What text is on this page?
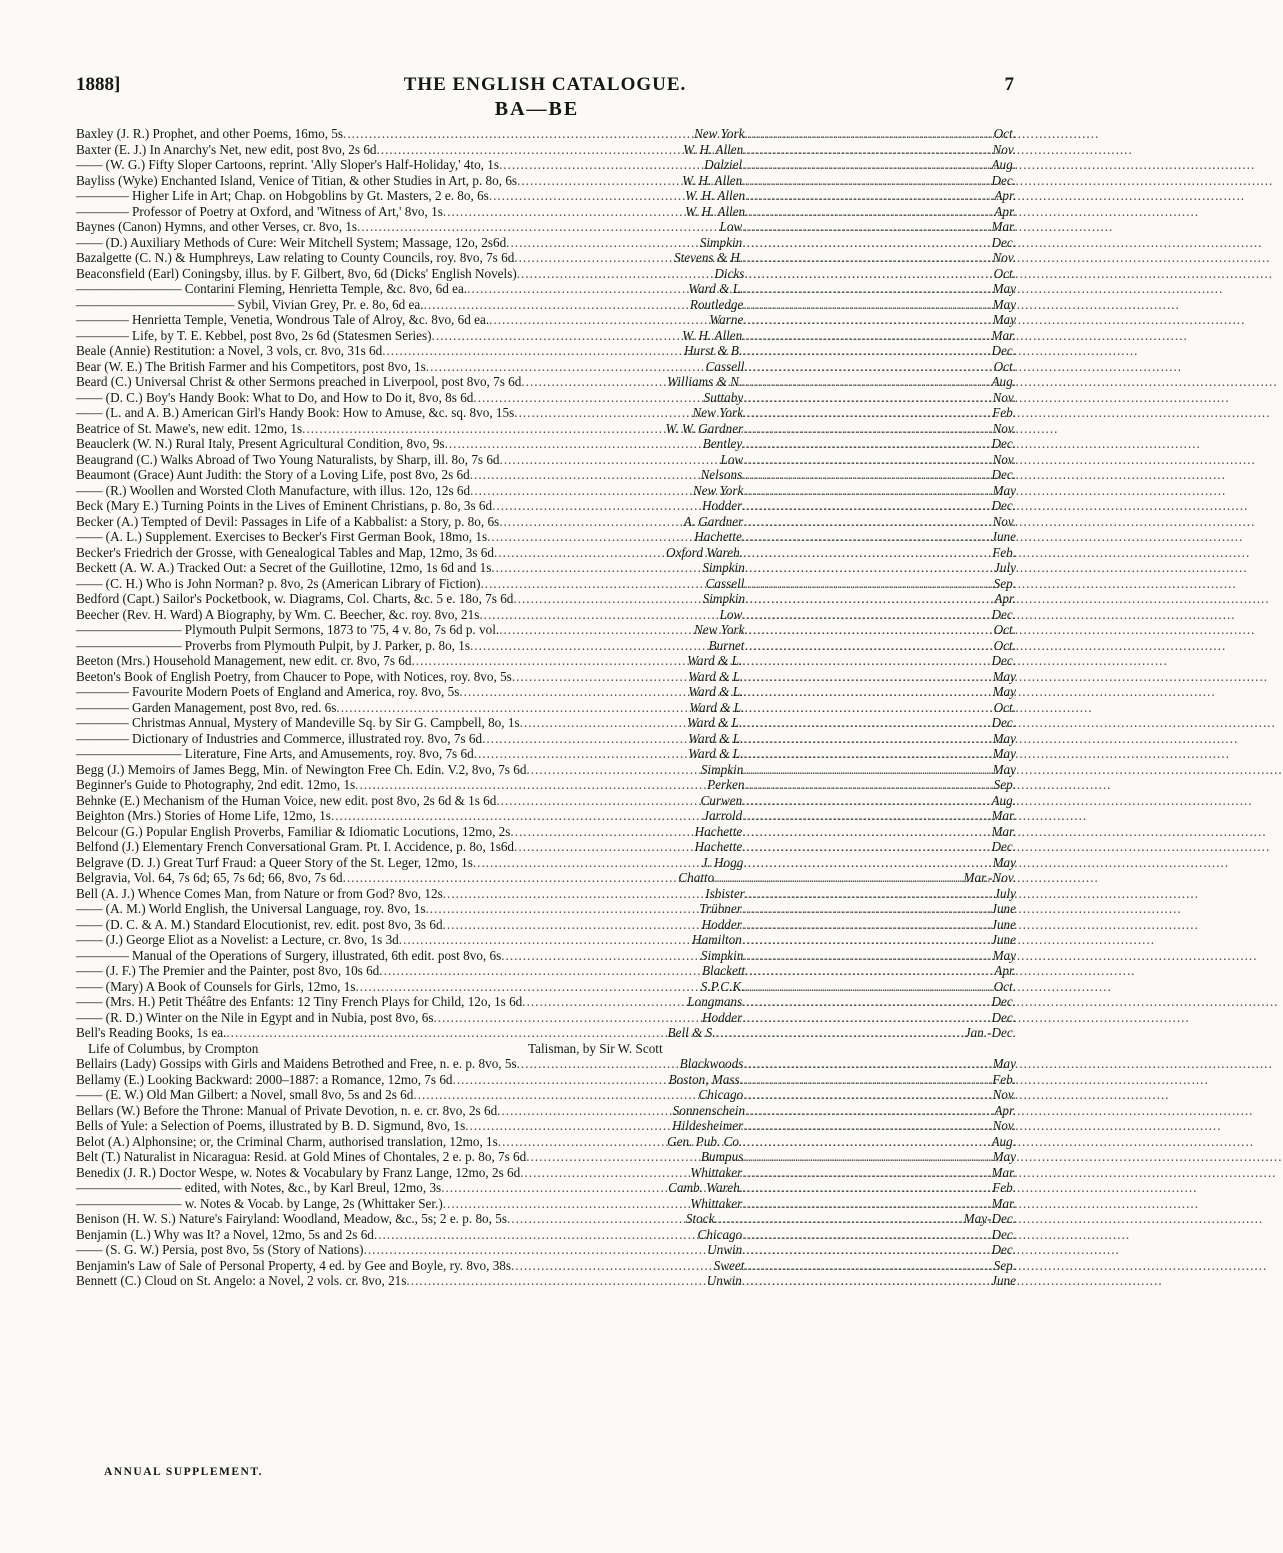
1888]	THE ENGLISH CATALOGUE.	7
BA—BE
Baxley (J. R.) Prophet, and other Poems, 16mo, 5s .....	New York .....	Oct.
Baxter (E. J.) In Anarchy's Net, new edit, post 8vo, 2s 6d .....	W. H. Allen .....	Nov.
—— (W. G.) Fifty Sloper Cartoons, reprint. 'Ally Sloper's Half-Holiday,' 4to, 1s .....	Dalziel .....	Aug.
Bayliss (Wyke) Enchanted Island, Venice of Titian, & other Studies in Art, p. 8o, 6s .....	W. H. Allen .....	Dec.
———— Higher Life in Art; Chap. on Hobgoblins by Gt. Masters, 2 e. 8o, 6s .....	W. H. Allen .....	Apr.
———— Professor of Poetry at Oxford, and 'Witness of Art,' 8vo, 1s .....	W. H. Allen .....	Apr.
Baynes (Canon) Hymns, and other Verses, cr. 8vo, 1s .....	Low .....	Mar.
—— (D.) Auxiliary Methods of Cure: Weir Mitchell System; Massage, 12o, 2s6d .....	Simpkin .....	Dec.
Bazalgette (C. N.) & Humphreys, Law relating to County Councils, roy. 8vo, 7s 6d .....	Stevens & H. .....	Nov.
Beaconsfield (Earl) Coningsby, illus. by F. Gilbert, 8vo, 6d (Dicks' English Novels) .....	Dicks .....	Oct.
———————— Contarini Fleming, Henrietta Temple, &c. 8vo, 6d ea. .....	Ward & L. .....	May
———————————— Sybil, Vivian Grey, Pr. e. 8o, 6d ea. .....	Routledge .....	May
———— Henrietta Temple, Venetia, Wondrous Tale of Alroy, &c. 8vo, 6d ea. .....	Warne .....	May
———— Life, by T. E. Kebbel, post 8vo, 2s 6d (Statesmen Series) .....	W. H. Allen .....	Mar.
Beale (Annie) Restitution: a Novel, 3 vols, cr. 8vo, 31s 6d .....	Hurst & B. .....	Dec.
Bear (W. E.) The British Farmer and his Competitors, post 8vo, 1s .....	Cassell .....	Oct.
Beard (C.) Universal Christ & other Sermons preached in Liverpool, post 8vo, 7s 6d .....	Williams & N. .....	Aug.
—— (D. C.) Boy's Handy Book: What to Do, and How to Do it, 8vo, 8s 6d .....	Suttaby .....	Nov.
—— (L. and A. B.) American Girl's Handy Book: How to Amuse, &c. sq. 8vo, 15s .....	New York .....	Feb.
Beatrice of St. Mawe's, new edit. 12mo, 1s .....	W. W. Gardner .....	Nov.
Beauclerk (W. N.) Rural Italy, Present Agricultural Condition, 8vo, 9s .....	Bentley .....	Dec.
Beaugrand (C.) Walks Abroad of Two Young Naturalists, by Sharp, ill. 8o, 7s 6d .....	Low .....	Nov.
Beaumont (Grace) Aunt Judith: the Story of a Loving Life, post 8vo, 2s 6d .....	Nelsons .....	Dec.
—— (R.) Woollen and Worsted Cloth Manufacture, with illus. 12o, 12s 6d .....	New York .....	May
Beck (Mary E.) Turning Points in the Lives of Eminent Christians, p. 8o, 3s 6d .....	Hodder .....	Dec.
Becker (A.) Tempted of Devil: Passages in Life of a Kabbalist: a Story, p. 8o, 6s .....	A. Gardner .....	Nov.
—— (A. L.) Supplement. Exercises to Becker's First German Book, 18mo, 1s .....	Hachette .....	June
Becker's Friedrich der Grosse, with Genealogical Tables and Map, 12mo, 3s 6d .....	Oxford Wareh. .....	Feb.
Beckett (A. W. A.) Tracked Out: a Secret of the Guillotine, 12mo, 1s 6d and 1s .....	Simpkin .....	July
—— (C. H.) Who is John Norman? p. 8vo, 2s (American Library of Fiction) .....	Cassell .....	Sep.
Bedford (Capt.) Sailor's Pocketbook, w. Diagrams, Col. Charts, &c. 5 e. 18o, 7s 6d .....	Simpkin .....	Apr.
Beecher (Rev. H. Ward) A Biography, by Wm. C. Beecher, &c. roy. 8vo, 21s .....	Low .....	Dec.
———————— Plymouth Pulpit Sermons, 1873 to '75, 4 v. 8o, 7s 6d p. vol. .....	New York .....	Oct.
———————— Proverbs from Plymouth Pulpit, by J. Parker, p. 8o, 1s .....	Burnet .....	Oct.
Beeton (Mrs.) Household Management, new edit. cr. 8vo, 7s 6d .....	Ward & L. .....	Dec.
Beeton's Book of English Poetry, from Chaucer to Pope, with Notices, roy. 8vo, 5s .....	Ward & L. .....	May
———— Favourite Modern Poets of England and America, roy. 8vo, 5s .....	Ward & L. .....	May
———— Garden Management, post 8vo, red. 6s .....	Ward & L. .....	Oct.
———— Christmas Annual, Mystery of Mandeville Sq. by Sir G. Campbell, 8o, 1s .....	Ward & L. .....	Dec.
———— Dictionary of Industries and Commerce, illustrated roy. 8vo, 7s 6d .....	Ward & L. .....	May
———————— Literature, Fine Arts, and Amusements, roy. 8vo, 7s 6d .....	Ward & L. .....	May
Begg (J.) Memoirs of James Begg, Min. of Newington Free Ch. Edin. V.2, 8vo, 7s 6d .....	Simpkin .....	May
Beginner's Guide to Photography, 2nd edit. 12mo, 1s .....	Perken .....	Sep.
Behnke (E.) Mechanism of the Human Voice, new edit. post 8vo, 2s 6d & 1s 6d .....	Curwen .....	Aug.
Beighton (Mrs.) Stories of Home Life, 12mo, 1s .....	Jarrold .....	Mar.
Belcour (G.) Popular English Proverbs, Familiar & Idiomatic Locutions, 12mo, 2s .....	Hachette .....	Mar.
Belfond (J.) Elementary French Conversational Gram. Pt. I. Accidence, p. 8o, 1s6d .....	Hachette .....	Dec.
Belgrave (D. J.) Great Turf Fraud: a Queer Story of the St. Leger, 12mo, 1s .....	J. Hogg .....	May
Belgravia, Vol. 64, 7s 6d; 65, 7s 6d; 66, 8vo, 7s 6d .....	Chatto .....	Mar.-Nov.
Bell (A. J.) Whence Comes Man, from Nature or from God? 8vo, 12s .....	Isbister .....	July
—— (A. M.) World English, the Universal Language, roy. 8vo, 1s .....	Trübner .....	June
—— (D. C. & A. M.) Standard Elocutionist, rev. edit. post 8vo, 3s 6d .....	Hodder .....	June
—— (J.) George Eliot as a Novelist: a Lecture, cr. 8vo, 1s 3d .....	Hamilton .....	June
———— Manual of the Operations of Surgery, illustrated, 6th edit. post 8vo, 6s .....	Simpkin .....	May
—— (J. F.) The Premier and the Painter, post 8vo, 10s 6d .....	Blackett .....	Apr.
—— (Mary) A Book of Counsels for Girls, 12mo, 1s .....	S.P.C.K. .....	Oct.
—— (Mrs. H.) Petit Théâtre des Enfants: 12 Tiny French Plays for Child, 12o, 1s 6d .....	Longmans .....	Dec.
—— (R. D.) Winter on the Nile in Egypt and in Nubia, post 8vo, 6s .....	Hodder .....	Dec.
Bell's Reading Books, 1s ea. .....	Bell & S. .....	Jan.-Dec.
Life of Columbus, by Crompton	Talisman, by Sir W. Scott
Bellairs (Lady) Gossips with Girls and Maidens Betrothed and Free, n. e. p. 8vo, 5s .....	Blackwoods .....	May
Bellamy (E.) Looking Backward: 2000–1887: a Romance, 12mo, 7s 6d .....	Boston, Mass. .....	Feb.
—— (E. W.) Old Man Gilbert: a Novel, small 8vo, 5s and 2s 6d .....	Chicago .....	Nov.
Bellars (W.) Before the Throne: Manual of Private Devotion, n. e. cr. 8vo, 2s 6d .....	Sonnenschein .....	Apr.
Bells of Yule: a Selection of Poems, illustrated by B. D. Sigmund, 8vo, 1s .....	Hildesheimer .....	Nov.
Belot (A.) Alphonsine; or, the Criminal Charm, authorised translation, 12mo, 1s .....	Gen. Pub. Co. .....	Aug.
Belt (T.) Naturalist in Nicaragua: Resid. at Gold Mines of Chontales, 2 e. p. 8o, 7s 6d .....	Bumpus .....	May
Benedix (J. R.) Doctor Wespe, w. Notes & Vocabulary by Franz Lange, 12mo, 2s 6d .....	Whittaker .....	Mar.
———————— edited, with Notes, &c., by Karl Breul, 12mo, 3s .....	Camb. Wareh. .....	Feb.
———————— w. Notes & Vocab. by Lange, 2s (Whittaker Ser.) .....	Whittaker .....	Mar.
Benison (H. W. S.) Nature's Fairyland: Woodland, Meadow, &c., 5s; 2 e. p. 8o, 5s .....	Stock .....	May-Dec.
Benjamin (L.) Why was It? a Novel, 12mo, 5s and 2s 6d .....	Chicago .....	Dec.
—— (S. G. W.) Persia, post 8vo, 5s (Story of Nations) .....	Unwin .....	Dec.
Benjamin's Law of Sale of Personal Property, 4 ed. by Gee and Boyle, ry. 8vo, 38s .....	Sweet .....	Sep.
Bennett (C.) Cloud on St. Angelo: a Novel, 2 vols. cr. 8vo, 21s .....	Unwin .....	June
ANNUAL SUPPLEMENT.
